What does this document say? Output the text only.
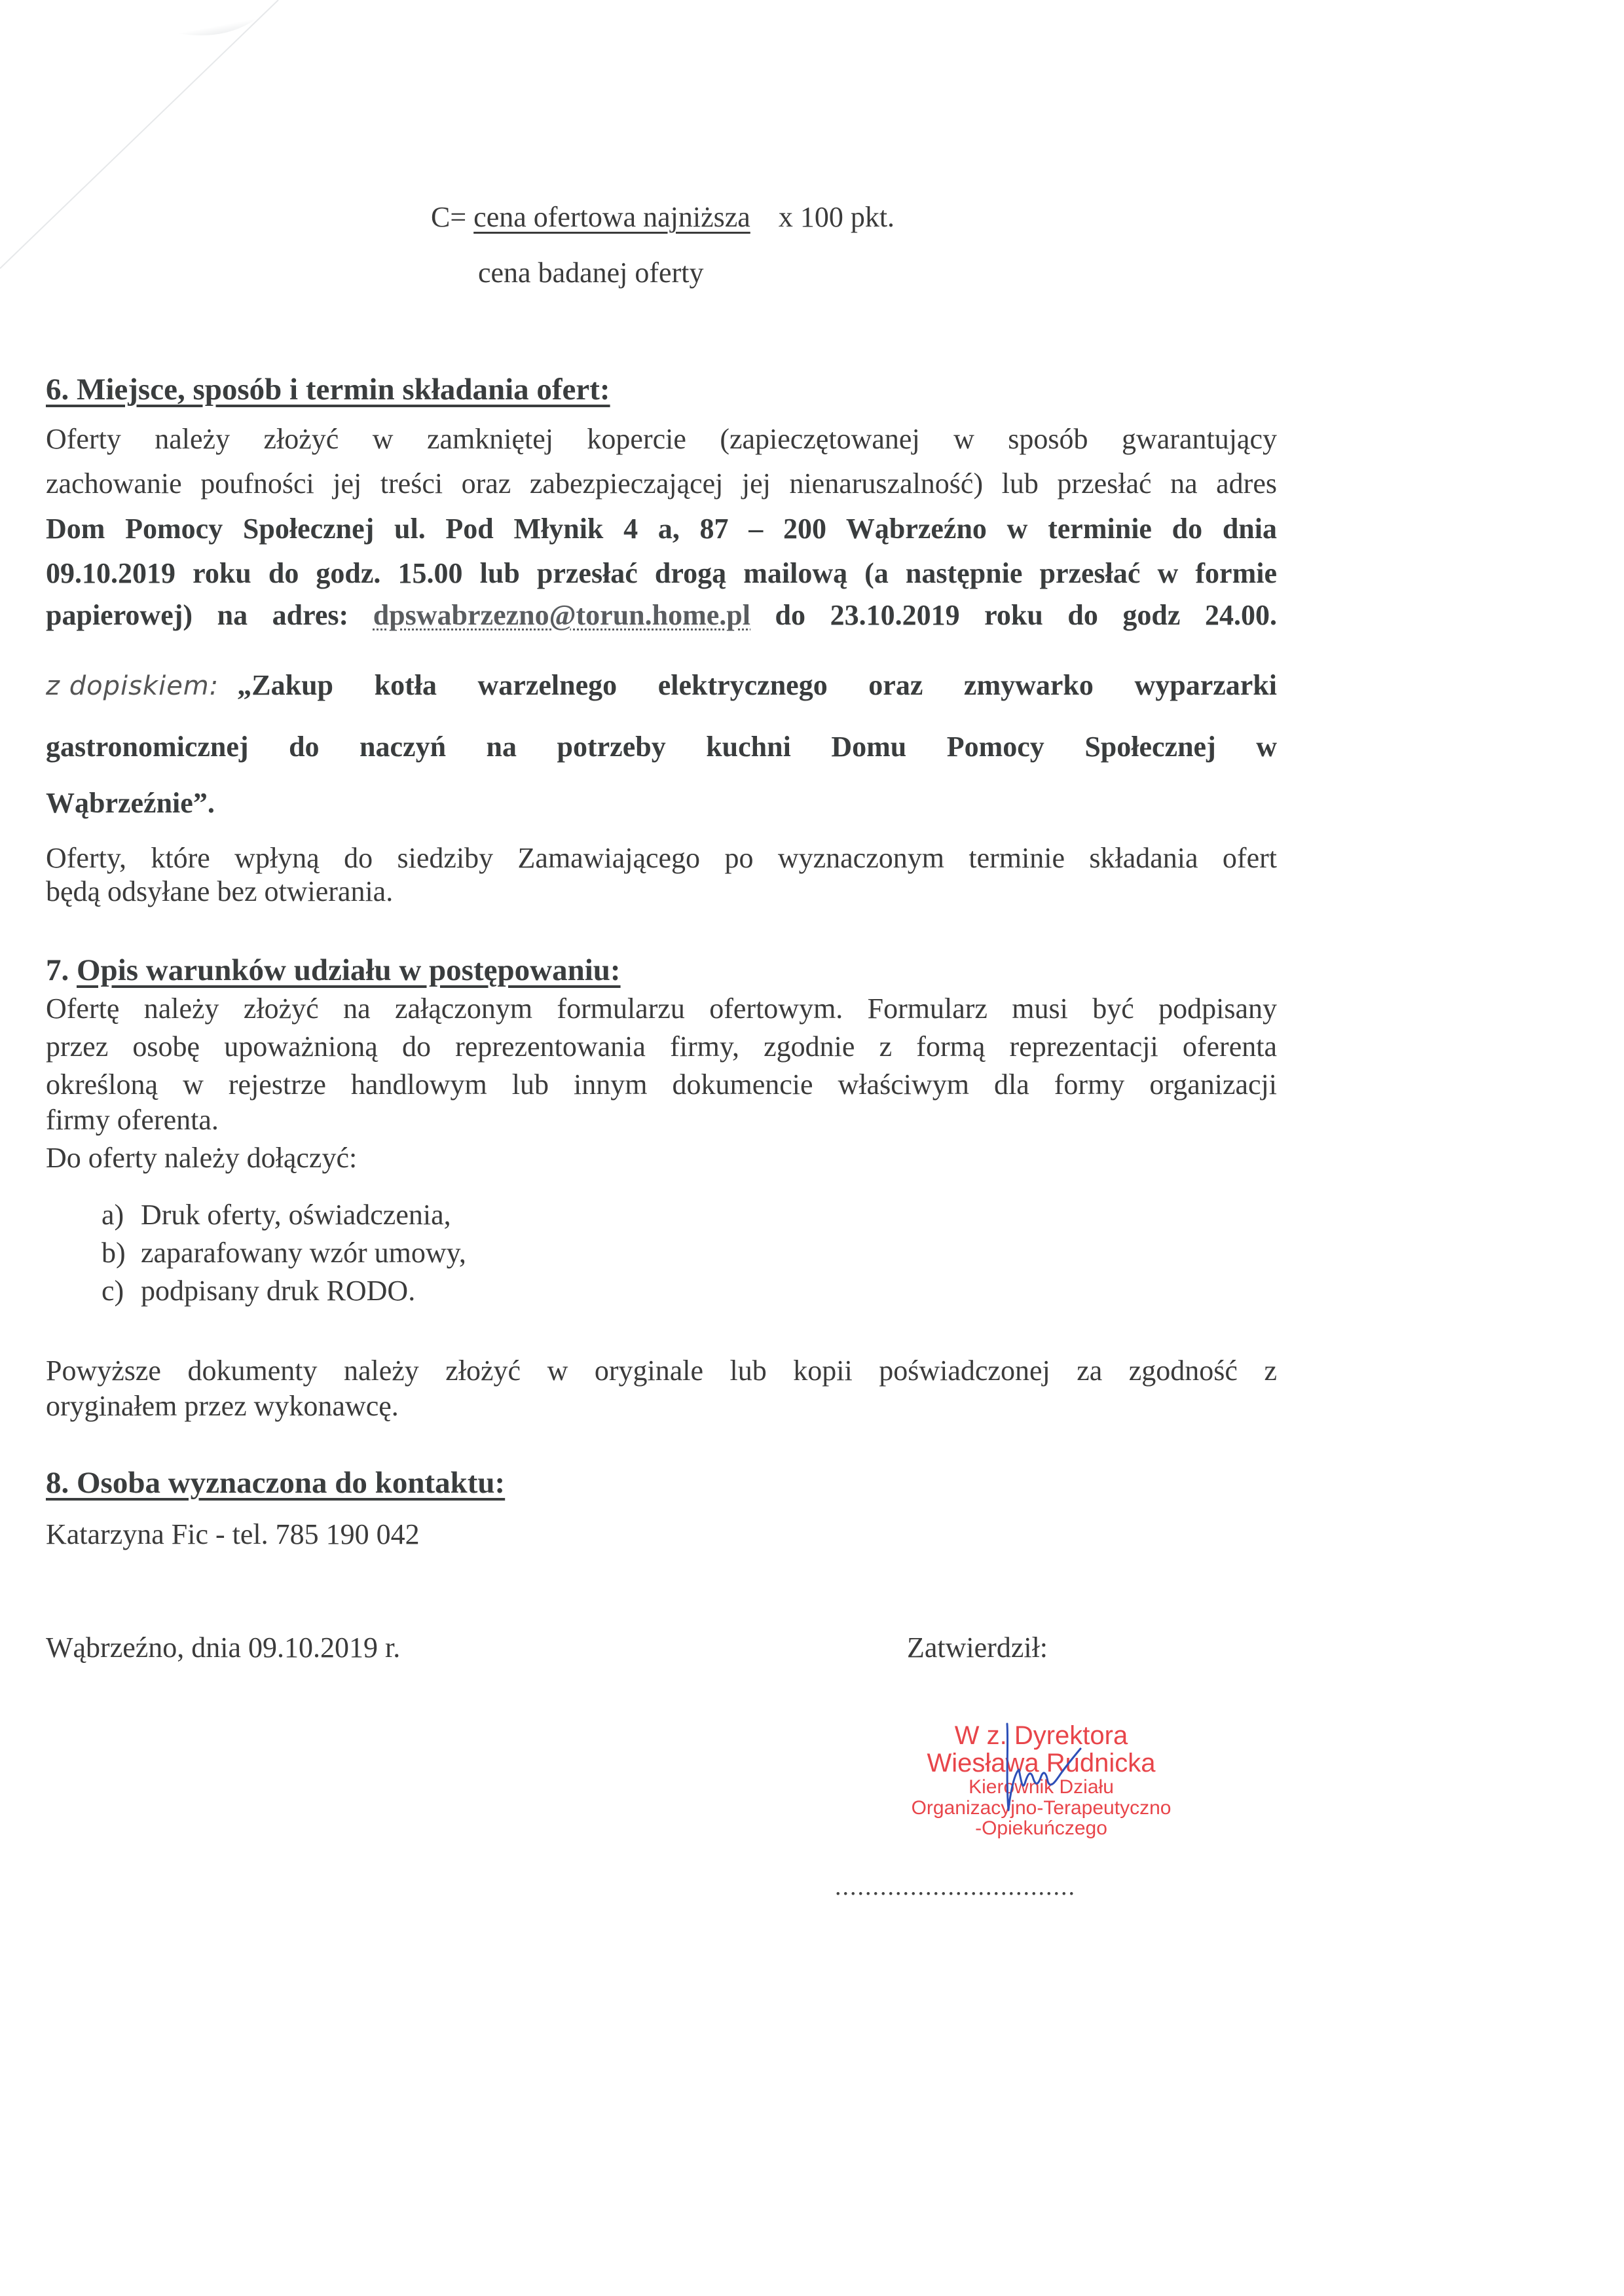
C= cena ofertowa najniższa x 100 pkt.
cena badanej oferty
6. Miejsce, sposób i termin składania ofert:
Oferty należy złożyć w zamkniętej kopercie (zapieczętowanej w sposób gwarantujący
zachowanie poufności jej treści oraz zabezpieczającej jej nienaruszalność) lub przesłać na adres
Dom Pomocy Społecznej ul. Pod Młynik 4 a, 87 – 200 Wąbrzeźno w terminie do dnia
09.10.2019 roku do godz. 15.00 lub przesłać drogą mailową (a następnie przesłać w formie
papierowej) na adres: dpswabrzezno@torun.home.pl do 23.10.2019 roku do godz 24.00.
z dopiskiem: „Zakup kotła warzelnego elektrycznego oraz zmywarko wyparzarki
gastronomicznej do naczyń na potrzeby kuchni Domu Pomocy Społecznej w
Wąbrzeźnie”.
Oferty, które wpłyną do siedziby Zamawiającego po wyznaczonym terminie składania ofert
będą odsyłane bez otwierania.
7. Opis warunków udziału w postępowaniu:
Ofertę należy złożyć na załączonym formularzu ofertowym. Formularz musi być podpisany
przez osobę upoważnioną do reprezentowania firmy, zgodnie z formą reprezentacji oferenta
określoną w rejestrze handlowym lub innym dokumencie właściwym dla formy organizacji
firmy oferenta.
Do oferty należy dołączyć:
a) Druk oferty, oświadczenia,
b) zaparafowany wzór umowy,
c) podpisany druk RODO.
Powyższe dokumenty należy złożyć w oryginale lub kopii poświadczonej za zgodność z
oryginałem przez wykonawcę.
8. Osoba wyznaczona do kontaktu:
Katarzyna Fic - tel. 785 190 042
Wąbrzeźno, dnia 09.10.2019 r.	Zatwierdził:
W z. Dyrektora
Wiesława Rudnicka
Kierownik Działu
Organizacyjno-Terapeutyczno
-Opiekuńczego
................................
